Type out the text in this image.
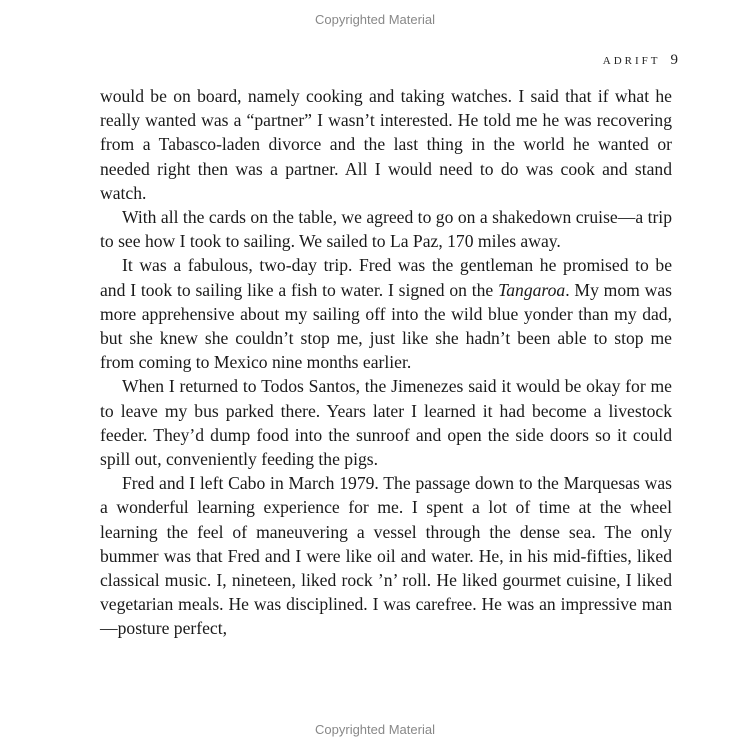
Copyrighted Material
ADRIFT 9

would be on board, namely cooking and taking watches. I said that if what he really wanted was a “partner” I wasn’t interested. He told me he was recovering from a Tabasco-laden divorce and the last thing in the world he wanted or needed right then was a partner. All I would need to do was cook and stand watch.

With all the cards on the table, we agreed to go on a shakedown cruise—a trip to see how I took to sailing. We sailed to La Paz, 170 miles away.

It was a fabulous, two-day trip. Fred was the gentleman he promised to be and I took to sailing like a fish to water. I signed on the Tangaroa. My mom was more apprehensive about my sailing off into the wild blue yonder than my dad, but she knew she couldn’t stop me, just like she hadn’t been able to stop me from coming to Mexico nine months earlier.

When I returned to Todos Santos, the Jimenezes said it would be okay for me to leave my bus parked there. Years later I learned it had become a livestock feeder. They’d dump food into the sunroof and open the side doors so it could spill out, conveniently feeding the pigs.

Fred and I left Cabo in March 1979. The passage down to the Marquesas was a wonderful learning experience for me. I spent a lot of time at the wheel learning the feel of maneuvering a vessel through the dense sea. The only bummer was that Fred and I were like oil and water. He, in his mid-fifties, liked classical music. I, nineteen, liked rock ’n’ roll. He liked gourmet cuisine, I liked vegetarian meals. He was disciplined. I was carefree. He was an impressive man—posture perfect,

Copyrighted Material
